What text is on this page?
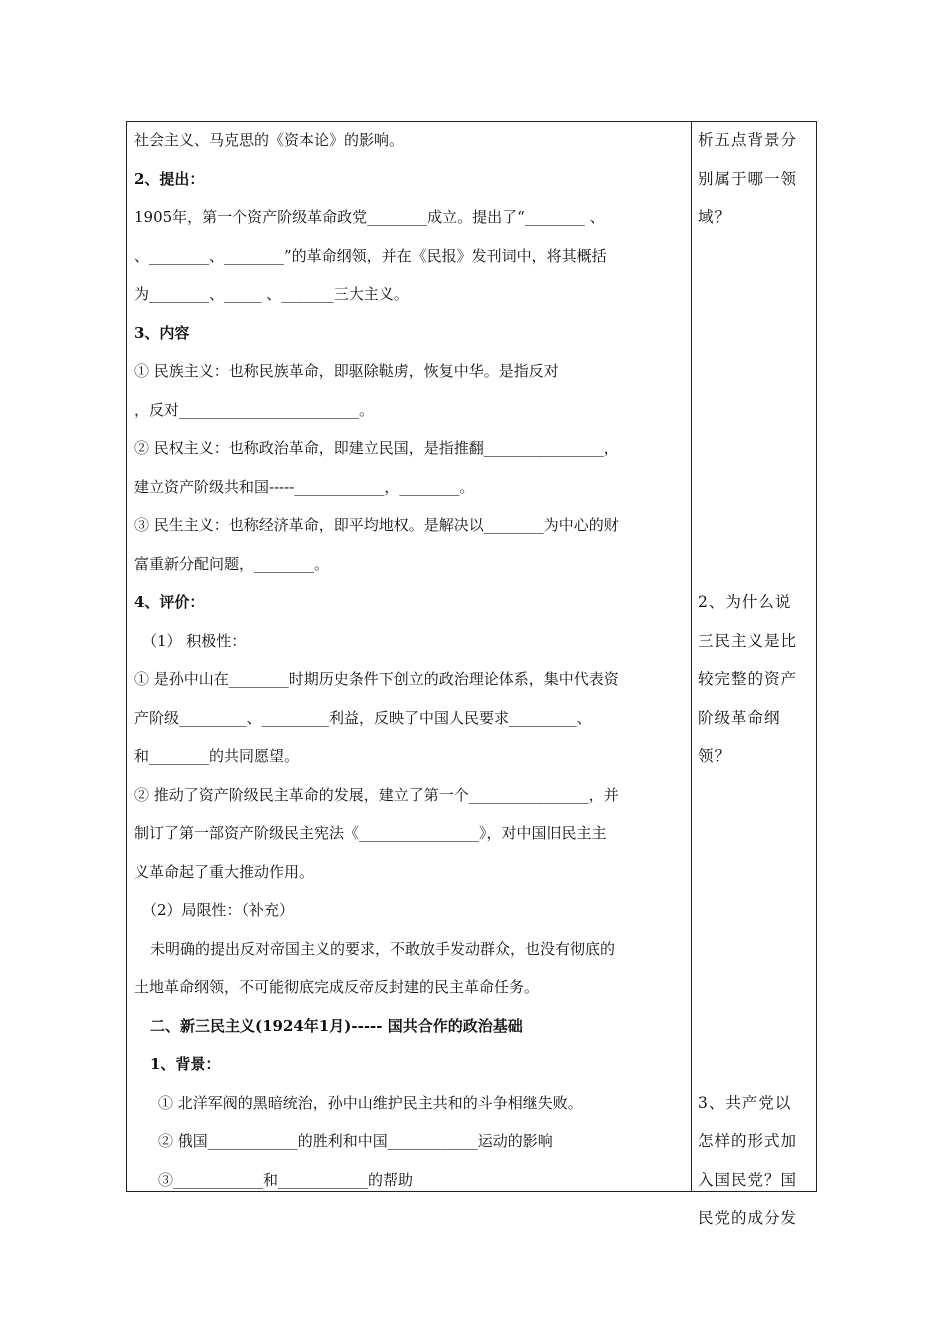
社会主义、马克思的《资本论》的影响。
2、提出：
1905年，第一个资产阶级革命政党________成立。提出了“________ 、
、________、________”的革命纲领，并在《民报》发刊词中，将其概括
为________、_____ 、_______三大主义。
3、内容
① 民族主义：也称民族革命，即驱除鞑虏，恢复中华。是指反对
，反对________________________。
② 民权主义：也称政治革命，即建立民国，是指推翻________________，
建立资产阶级共和国-----____________，________。
③ 民生主义：也称经济革命，即平均地权。是解决以________为中心的财
富重新分配问题，________。
4、评价：
（1） 积极性：
① 是孙中山在________时期历史条件下创立的政治理论体系，集中代表资
产阶级_________、_________利益，反映了中国人民要求_________、
和________的共同愿望。
② 推动了资产阶级民主革命的发展，建立了第一个________________，并
制订了第一部资产阶级民主宪法《________________》，对中国旧民主主
义革命起了重大推动作用。
（2）局限性：（补充）
未明确的提出反对帝国主义的要求，不敢放手发动群众，也没有彻底的
土地革命纲领，不可能彻底完成反帝反封建的民主革命任务。
二、新三民主义(1924年1月)----- 国共合作的政治基础
1、背景：
① 北洋军阀的黑暗统治，孙中山维护民主共和的斗争相继失败。
② 俄国____________的胜利和中国____________运动的影响
③____________和____________的帮助
析五点背景分
别属于哪一领
域？
2、为什么说
三民主义是比
较完整的资产
阶级革命纲
领？
3、共产党以
怎样的形式加
入国民党？国
民党的成分发
